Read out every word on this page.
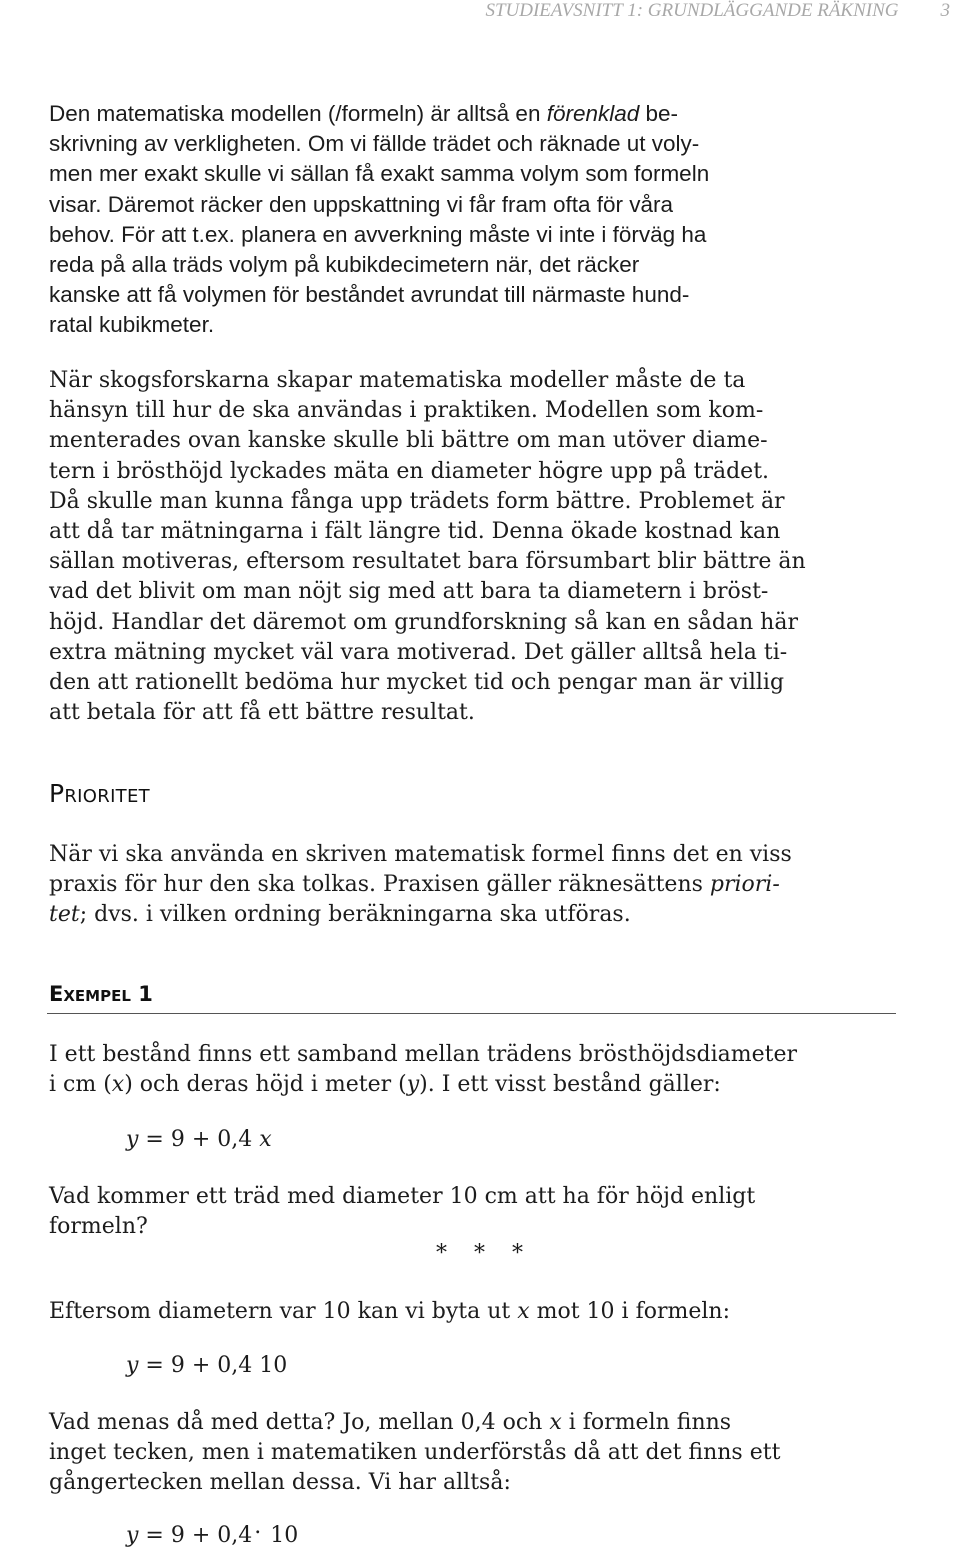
STUDIEAVSNITT 1: GRUNDLÄGGANDE RÄKNING 3
Den matematiska modellen (/formeln) är alltså en förenklad be-
skrivning av verkligheten. Om vi fällde trädet och räknade ut voly-
men mer exakt skulle vi sällan få exakt samma volym som formeln
visar. Däremot räcker den uppskattning vi får fram ofta för våra
behov. För att t.ex. planera en avverkning måste vi inte i förväg ha
reda på alla träds volym på kubikdecimetern när, det räcker
kanske att få volymen för beståndet avrundat till närmaste hund-
ratal kubikmeter.
När skogsforskarna skapar matematiska modeller måste de ta
hänsyn till hur de ska användas i praktiken. Modellen som kom-
menterades ovan kanske skulle bli bättre om man utöver diame-
tern i brösthöjd lyckades mäta en diameter högre upp på trädet.
Då skulle man kunna fånga upp trädets form bättre. Problemet är
att då tar mätningarna i fält längre tid. Denna ökade kostnad kan
sällan motiveras, eftersom resultatet bara försumbart blir bättre än
vad det blivit om man nöjt sig med att bara ta diametern i bröst-
höjd. Handlar det däremot om grundforskning så kan en sådan här
extra mätning mycket väl vara motiverad. Det gäller alltså hela ti-
den att rationellt bedöma hur mycket tid och pengar man är villig
att betala för att få ett bättre resultat.
Prioritet
När vi ska använda en skriven matematisk formel finns det en viss
praxis för hur den ska tolkas. Praxisen gäller räknesättens priori-
tet; dvs. i vilken ordning beräkningarna ska utföras.
Exempel 1
I ett bestånd finns ett samband mellan trädens brösthöjdsdiameter
i cm (x) och deras höjd i meter (y). I ett visst bestånd gäller:
y = 9 + 0,4 x
Vad kommer ett träd med diameter 10 cm att ha för höjd enligt
formeln?
* * *
Eftersom diametern var 10 kan vi byta ut x mot 10 i formeln:
y = 9 + 0,4 10
Vad menas då med detta? Jo, mellan 0,4 och x i formeln finns
inget tecken, men i matematiken underförstås då att det finns ett
gångertecken mellan dessa. Vi har alltså:
y = 9 + 0,4. 10
